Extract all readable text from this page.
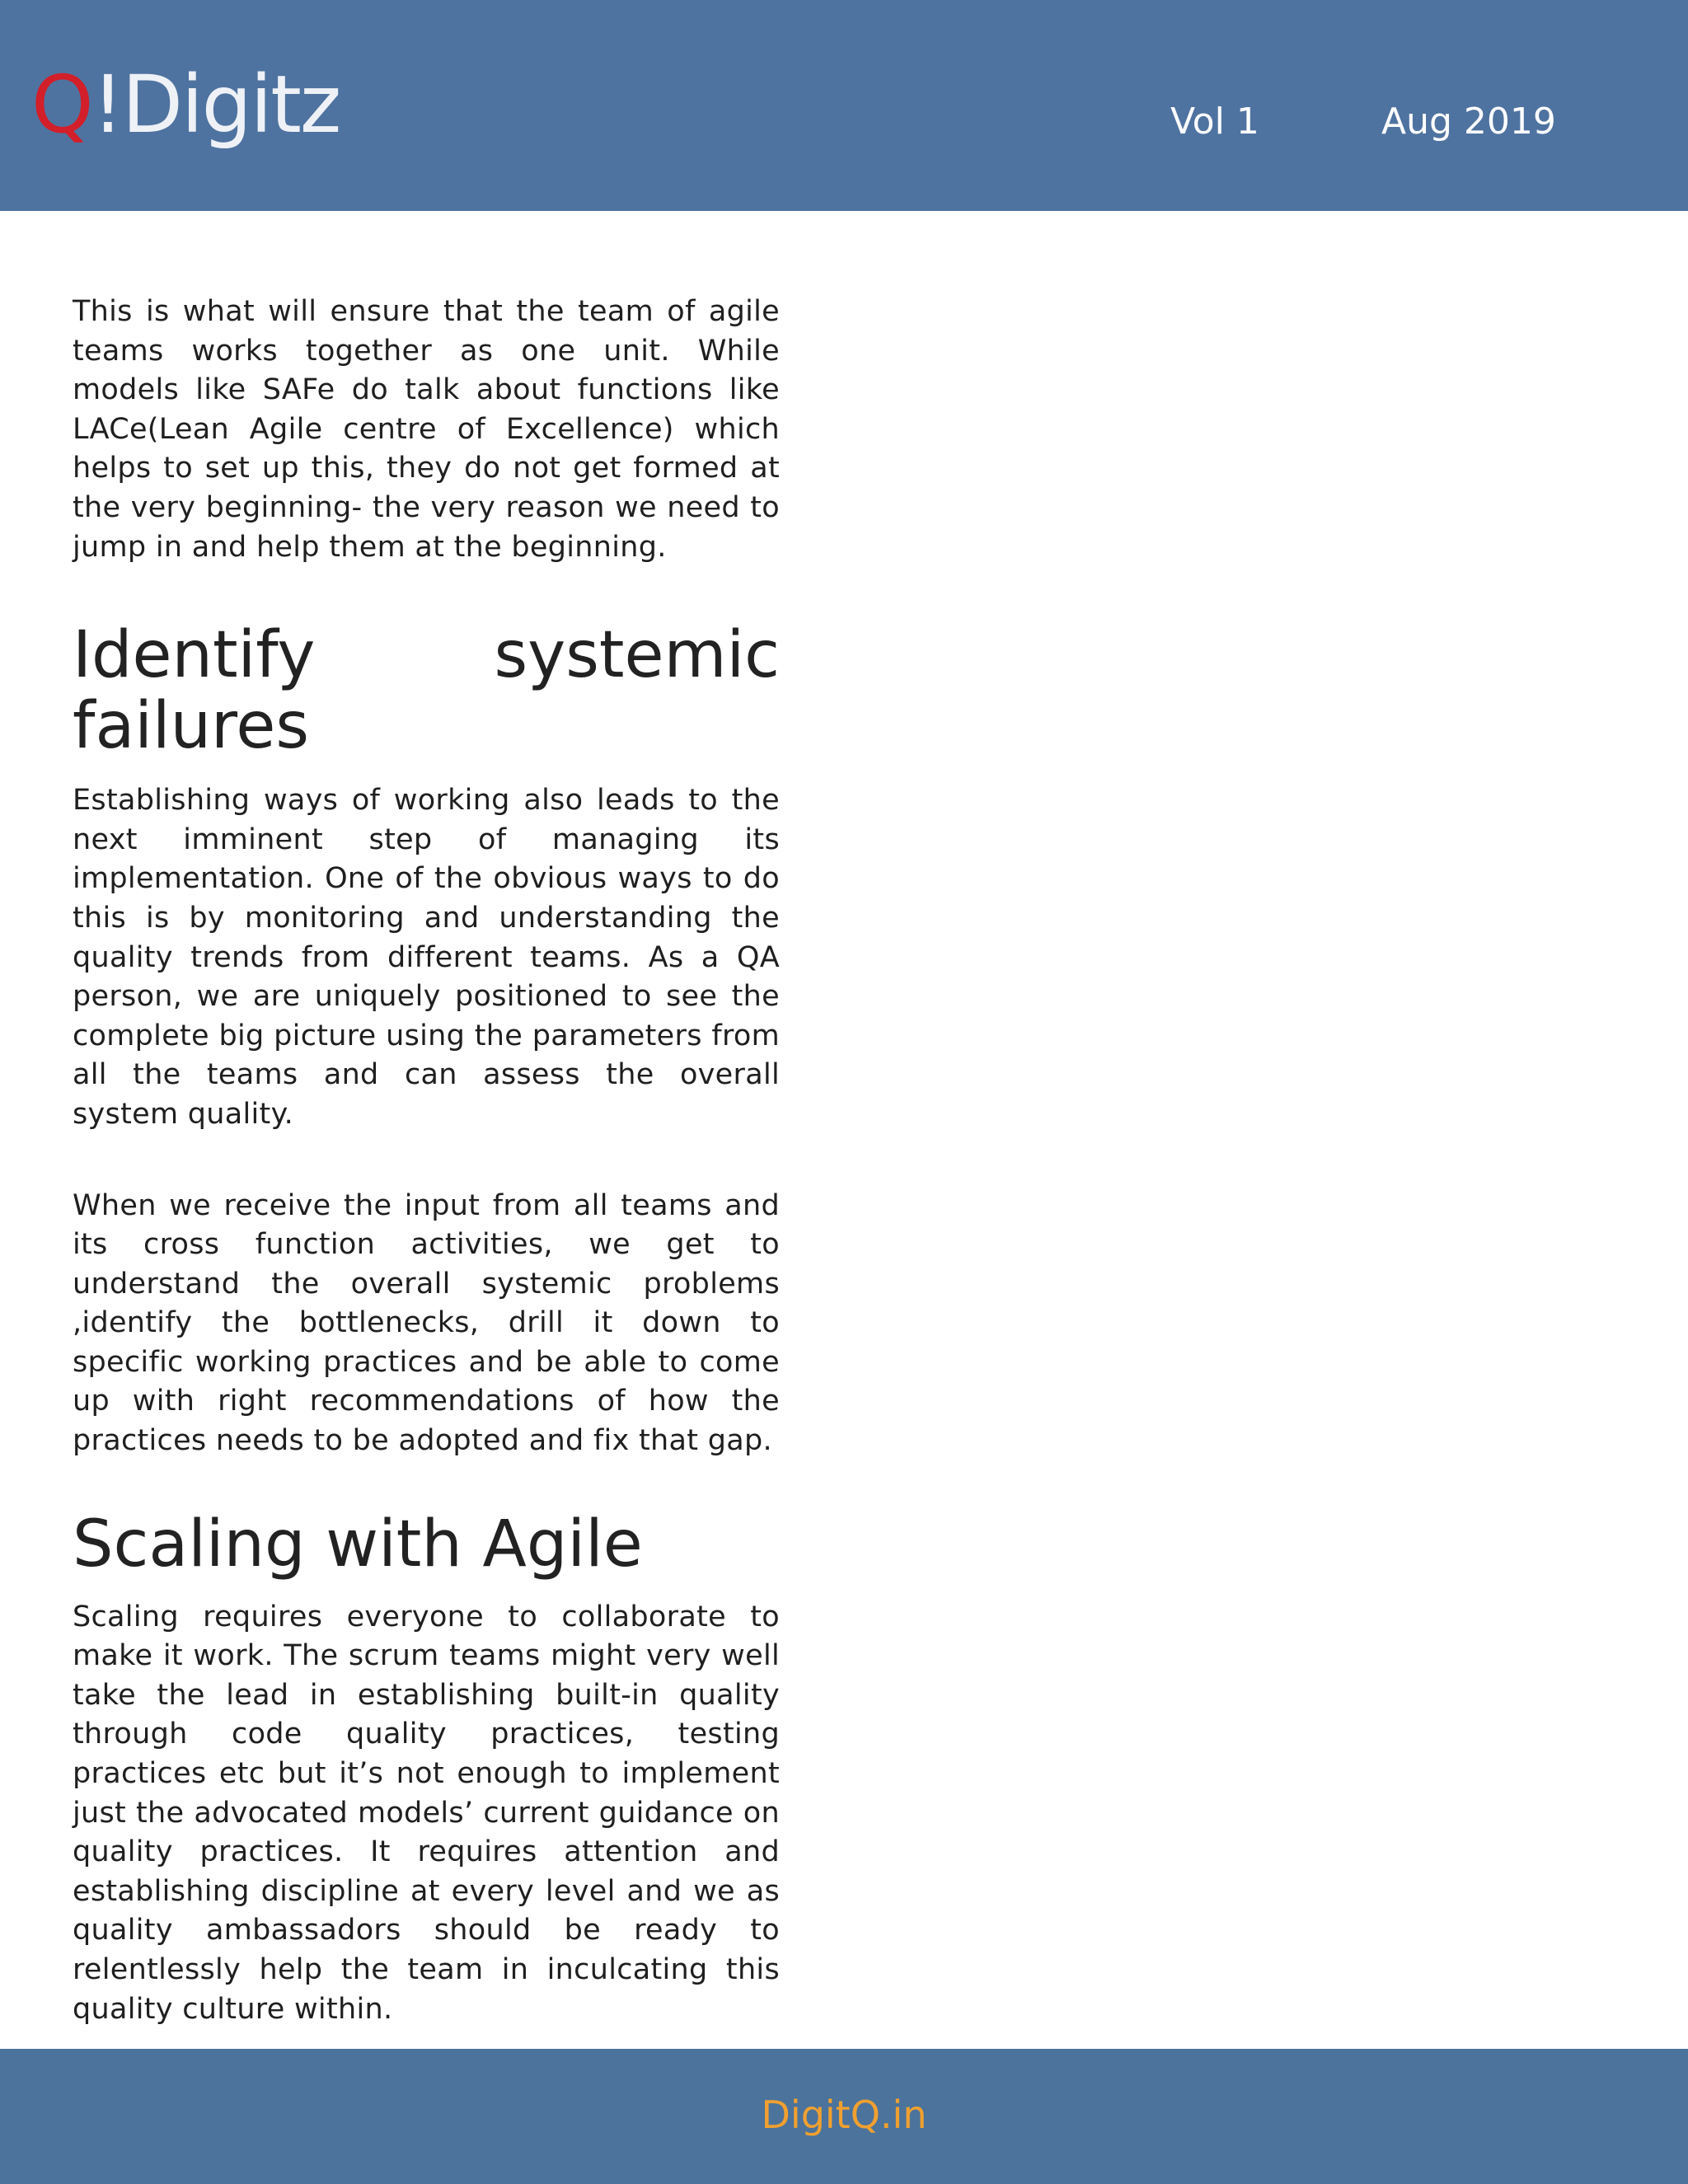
Q!Digitz	Vol 1	Aug 2019

This is what will ensure that the team of agile teams works together as one unit. While models like SAFe do talk about functions like LACe(Lean Agile centre of Excellence) which helps to set up this, they do not get formed at the very beginning- the very reason we need to jump in and help them at the beginning.

Identify systemic
failures

Establishing ways of working also leads to the next imminent step of managing its implementation. One of the obvious ways to do this is by monitoring and understanding the quality trends from different teams. As a QA person, we are uniquely positioned to see the complete big picture using the parameters from all the teams and can assess the overall system quality.

When we receive the input from all teams and its cross function activities, we get to understand the overall systemic problems ,identify the bottlenecks, drill it down to specific working practices and be able to come up with right recommendations of how the practices needs to be adopted and fix that gap.

Scaling with Agile

Scaling requires everyone to collaborate to make it work. The scrum teams might very well take the lead in establishing built-in quality through code quality practices, testing practices etc but it’s not enough to implement just the advocated models’ current guidance on quality practices. It requires attention and establishing discipline at every level and we as quality ambassadors should be ready to relentlessly help the team in inculcating this quality culture within.

DigitQ.in
